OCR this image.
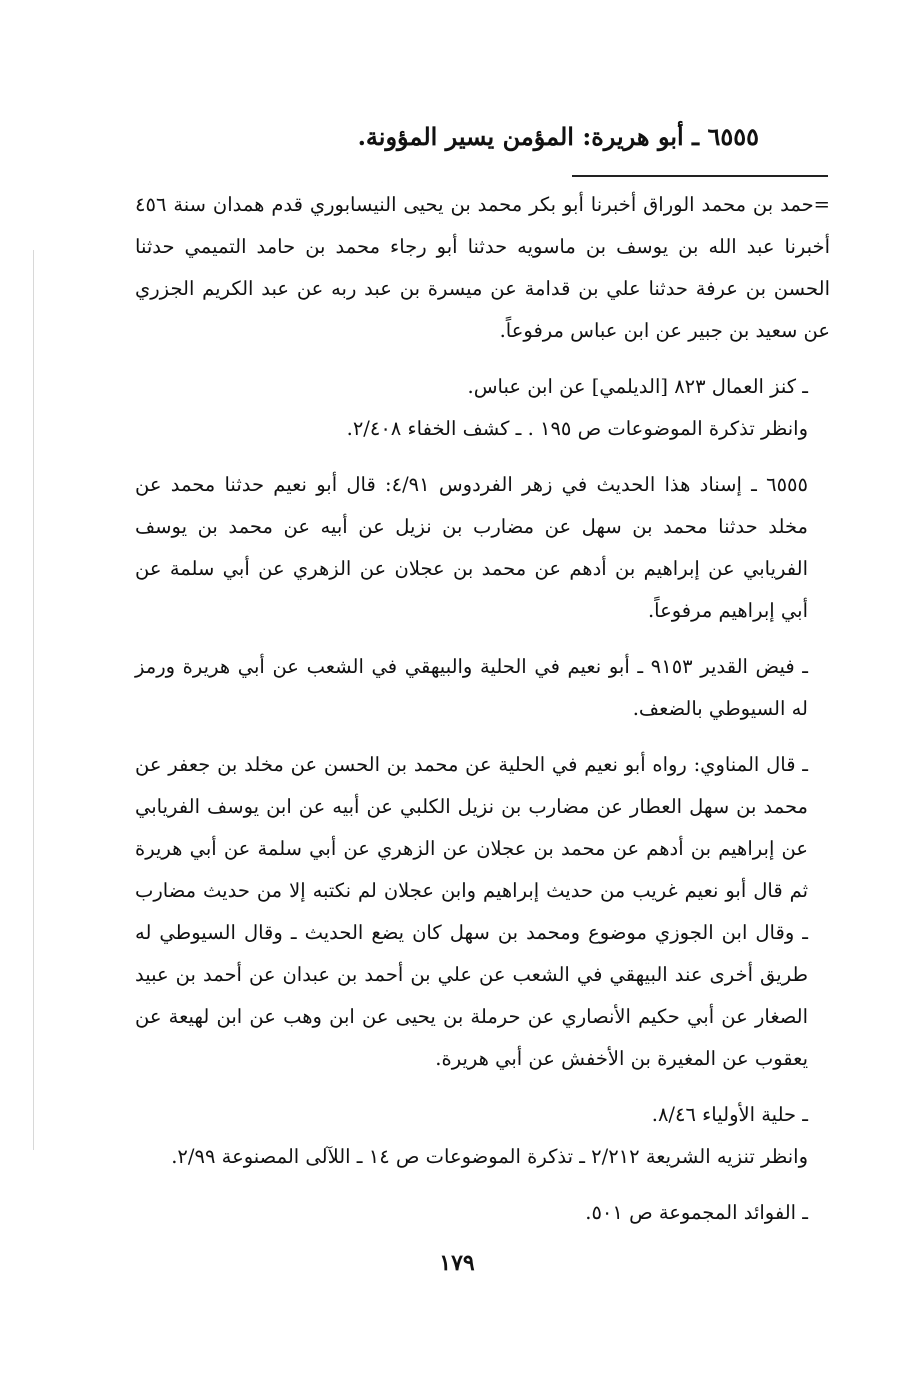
٦٥٥٥ ـ أبو هريرة: المؤمن يسير المؤونة.

=حمد بن محمد الوراق أخبرنا أبو بكر محمد بن يحيى النيسابوري قدم همدان سنة ٤٥٦ أخبرنا عبد الله بن يوسف بن ماسويه حدثنا أبو رجاء محمد بن حامد التميمي حدثنا الحسن بن عرفة حدثنا علي بن قدامة عن ميسرة بن عبد ربه عن عبد الكريم الجزري عن سعيد بن جبير عن ابن عباس مرفوعاً.

ـ كنز العمال ٨٢٣ [الديلمي] عن ابن عباس.

وانظر تذكرة الموضوعات ص ١٩٥ . ـ كشف الخفاء ٢/٤٠٨.

٦٥٥٥ ـ إسناد هذا الحديث في زهر الفردوس ٤/٩١: قال أبو نعيم حدثنا محمد عن مخلد حدثنا محمد بن سهل عن مضارب بن نزيل عن أبيه عن محمد بن يوسف الفريابي عن إبراهيم بن أدهم عن محمد بن عجلان عن الزهري عن أبي سلمة عن أبي إبراهيم مرفوعاً.

ـ فيض القدير ٩١٥٣ ـ أبو نعيم في الحلية والبيهقي في الشعب عن أبي هريرة ورمز له السيوطي بالضعف.

ـ قال المناوي: رواه أبو نعيم في الحلية عن محمد بن الحسن عن مخلد بن جعفر عن محمد بن سهل العطار عن مضارب بن نزيل الكلبي عن أبيه عن ابن يوسف الفريابي عن إبراهيم بن أدهم عن محمد بن عجلان عن الزهري عن أبي سلمة عن أبي هريرة ثم قال أبو نعيم غريب من حديث إبراهيم وابن عجلان لم نكتبه إلا من حديث مضارب ـ وقال ابن الجوزي موضوع ومحمد بن سهل كان يضع الحديث ـ وقال السيوطي له طريق أخرى عند البيهقي في الشعب عن علي بن أحمد بن عبدان عن أحمد بن عبيد الصغار عن أبي حكيم الأنصاري عن حرملة بن يحيى عن ابن وهب عن ابن لهيعة عن يعقوب عن المغيرة بن الأخفش عن أبي هريرة.

ـ حلية الأولياء ٨/٤٦.

وانظر تنزيه الشريعة ٢/٢١٢ ـ تذكرة الموضوعات ص ١٤ ـ اللآلى المصنوعة ٢/٩٩.

ـ الفوائد المجموعة ص ٥٠١.

١٧٩
